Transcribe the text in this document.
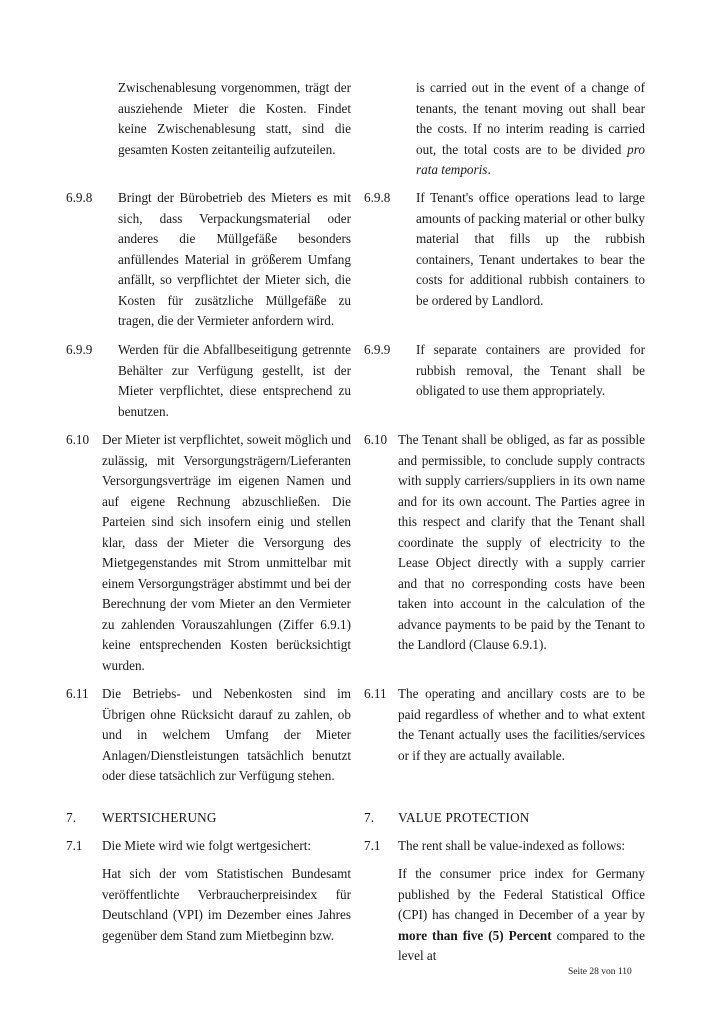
Zwischenablesung vorgenommen, trägt der ausziehende Mieter die Kosten. Findet keine Zwischenablesung statt, sind die gesamten Kosten zeitanteilig aufzuteilen.

is carried out in the event of a change of tenants, the tenant moving out shall bear the costs. If no interim reading is carried out, the total costs are to be divided pro rata temporis.

6.9.8 Bringt der Bürobetrieb des Mieters es mit sich, dass Verpackungsmaterial oder anderes die Müllgefäße besonders anfüllendes Material in größerem Umfang anfällt, so verpflichtet der Mieter sich, die Kosten für zusätzliche Müllgefäße zu tragen, die der Vermieter anfordern wird.

6.9.8 If Tenant's office operations lead to large amounts of packing material or other bulky material that fills up the rubbish containers, Tenant undertakes to bear the costs for additional rubbish containers to be ordered by Landlord.

6.9.9 Werden für die Abfallbeseitigung getrennte Behälter zur Verfügung gestellt, ist der Mieter verpflichtet, diese entsprechend zu benutzen.

6.9.9 If separate containers are provided for rubbish removal, the Tenant shall be obligated to use them appropriately.

6.10 Der Mieter ist verpflichtet, soweit möglich und zulässig, mit Versorgungsträgern/Lieferanten Versorgungsverträge im eigenen Namen und auf eigene Rechnung abzuschließen. Die Parteien sind sich insofern einig und stellen klar, dass der Mieter die Versorgung des Mietgegenstandes mit Strom unmittelbar mit einem Versorgungsträger abstimmt und bei der Berechnung der vom Mieter an den Vermieter zu zahlenden Vorauszahlungen (Ziffer 6.9.1) keine entsprechenden Kosten berücksichtigt wurden.

6.10 The Tenant shall be obliged, as far as possible and permissible, to conclude supply contracts with supply carriers/suppliers in its own name and for its own account. The Parties agree in this respect and clarify that the Tenant shall coordinate the supply of electricity to the Lease Object directly with a supply carrier and that no corresponding costs have been taken into account in the calculation of the advance payments to be paid by the Tenant to the Landlord (Clause 6.9.1).

6.11 Die Betriebs- und Nebenkosten sind im Übrigen ohne Rücksicht darauf zu zahlen, ob und in welchem Umfang der Mieter Anlagen/Dienstleistungen tatsächlich benutzt oder diese tatsächlich zur Verfügung stehen.

6.11 The operating and ancillary costs are to be paid regardless of whether and to what extent the Tenant actually uses the facilities/services or if they are actually available.

7. WERTSICHERUNG	7. VALUE PROTECTION
7.1 Die Miete wird wie folgt wertgesichert:	7.1 The rent shall be value-indexed as follows:

Hat sich der vom Statistischen Bundesamt veröffentlichte Verbraucherpreisindex für Deutschland (VPI) im Dezember eines Jahres gegenüber dem Stand zum Mietbeginn bzw.

If the consumer price index for Germany published by the Federal Statistical Office (CPI) has changed in December of a year by more than five (5) Percent compared to the level at

Seite 28 von 110
